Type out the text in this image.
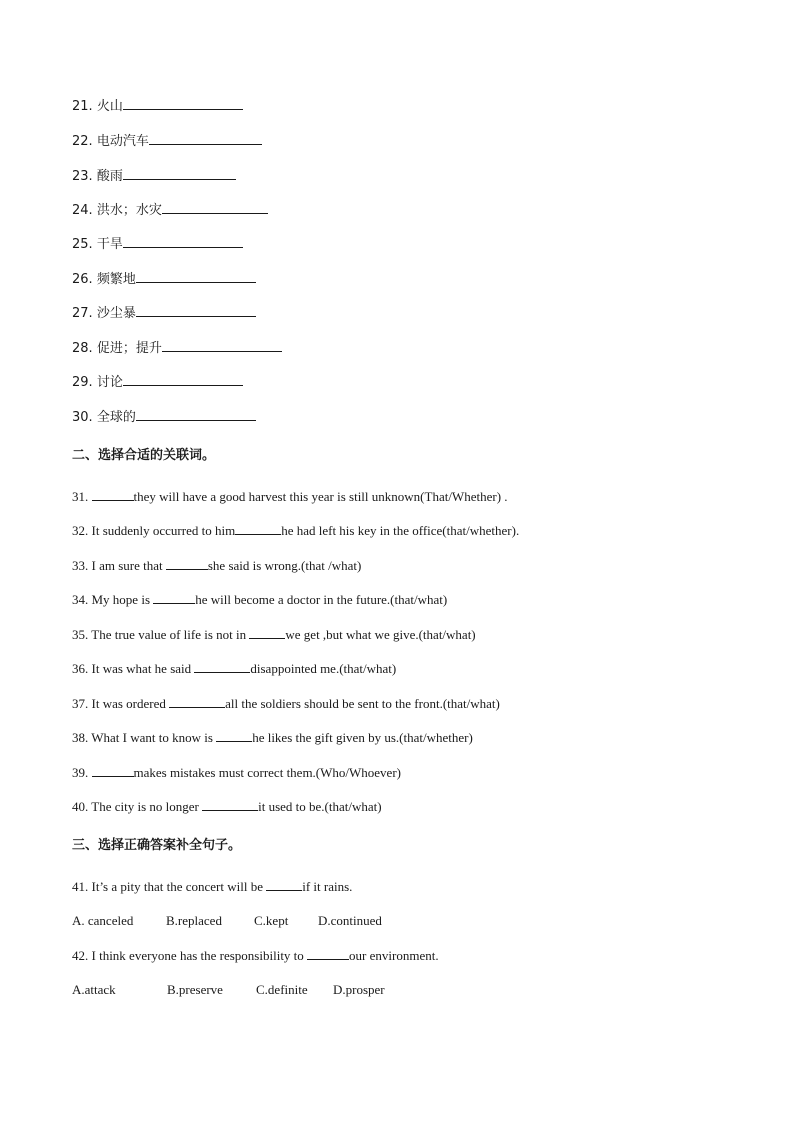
21. 火山
22. 电动汽车
23. 酸雨
24. 洪水；水灾
25. 干旱
26. 频繁地
27. 沙尘暴
28. 促进；提升
29. 讨论
30. 全球的
二、选择合适的关联词。
31.	they will have a good harvest this year is still unknown(That/Whether) .
32. It suddenly occurred to him	he had left his key in the office(that/whether).
33. I am sure that	she said is wrong.(that /what)
34. My hope is	he will become a doctor in the future.(that/what)
35. The true value of life is not in	we get ,but what we give.(that/what)
36. It was what he said	disappointed me.(that/what)
37. It was ordered	all the soldiers should be sent to the front.(that/what)
38. What I want to know is	he likes the gift given by us.(that/whether)
39.	makes mistakes must correct them.(Who/Whoever)
40. The city is no longer	it used to be.(that/what)
三、选择正确答案补全句子。
41. It’s a pity that the concert will be	if it rains.
A. canceled	B.replaced C.kept D.continued
42. I think everyone has the responsibility to	our environment.
A.attack	B.preserve	C.definite D.prosper
